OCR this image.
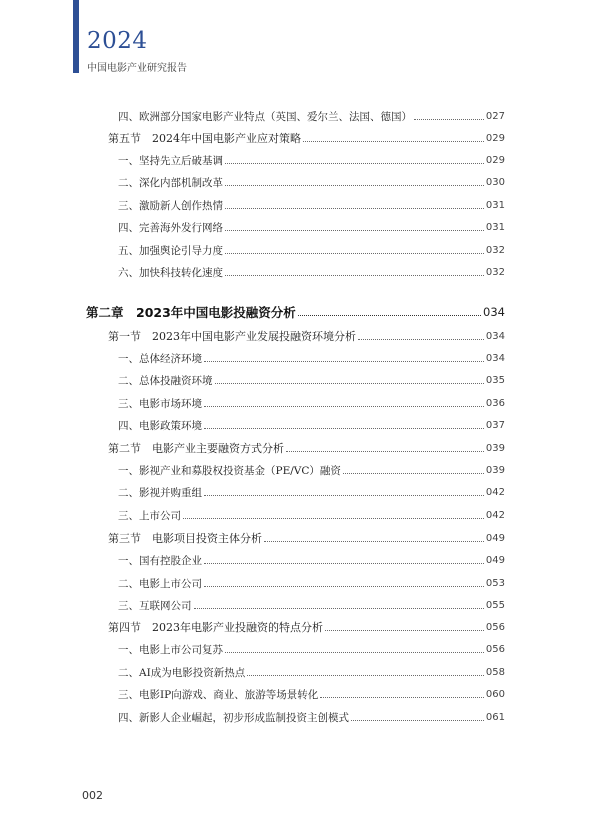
2024
中国电影产业研究报告
四、欧洲部分国家电影产业特点（英国、爱尔兰、法国、德国）	027
第五节　2024年中国电影产业应对策略	029
一、坚持先立后破基调	029
二、深化内部机制改革	030
三、激励新人创作热情	031
四、完善海外发行网络	031
五、加强舆论引导力度	032
六、加快科技转化速度	032
第二章　2023年中国电影投融资分析	034
第一节　2023年中国电影产业发展投融资环境分析	034
一、总体经济环境	034
二、总体投融资环境	035
三、电影市场环境	036
四、电影政策环境	037
第二节　电影产业主要融资方式分析	039
一、影视产业和募股权投资基金（PE/VC）融资	039
二、影视并购重组	042
三、上市公司	042
第三节　电影项目投资主体分析	049
一、国有控股企业	049
二、电影上市公司	053
三、互联网公司	055
第四节　2023年电影产业投融资的特点分析	056
一、电影上市公司复苏	056
二、AI成为电影投资新热点	058
三、电影IP向游戏、商业、旅游等场景转化	060
四、新影人企业崛起，初步形成监制投资主创模式	061
002
